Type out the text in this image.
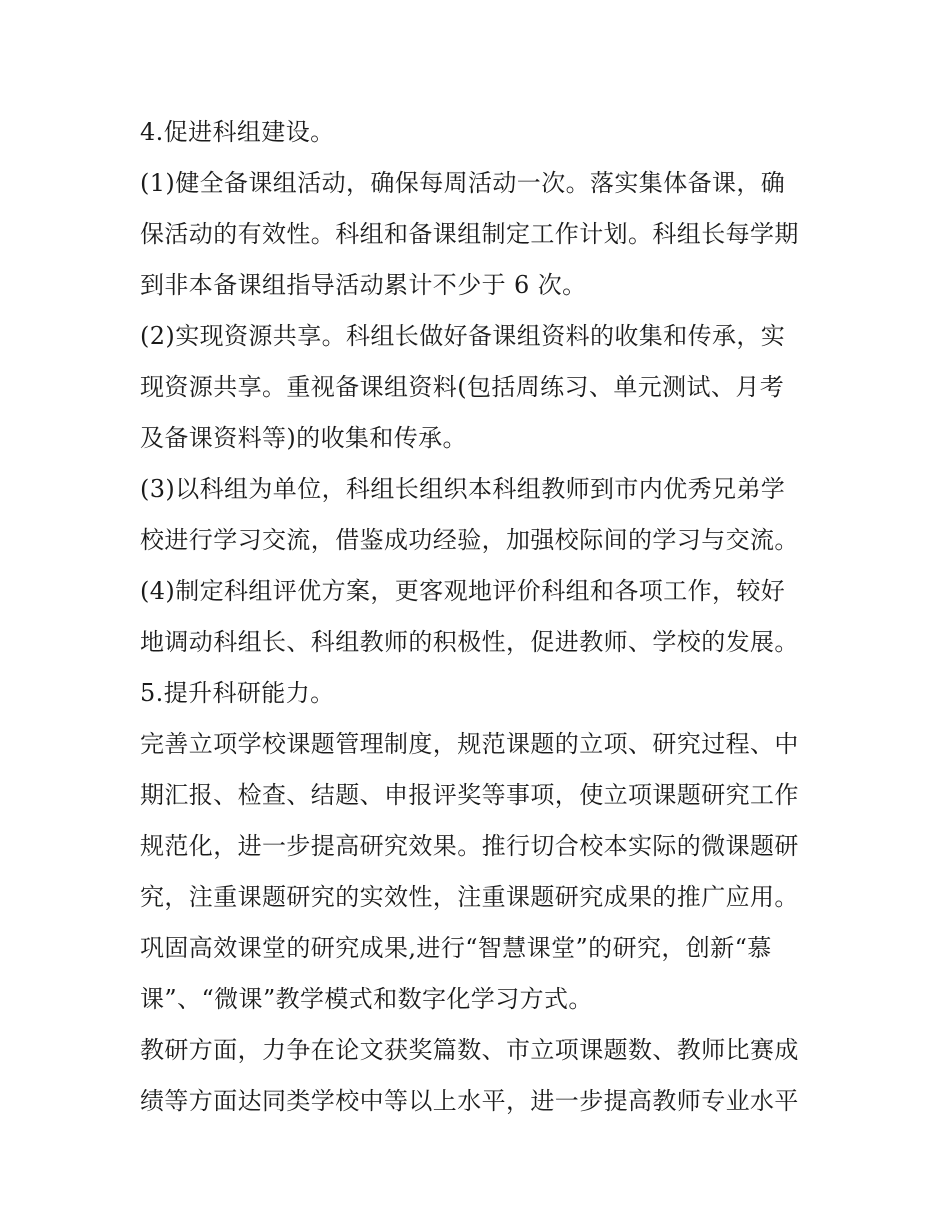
4.促进科组建设。
(1)健全备课组活动，确保每周活动一次。落实集体备课，确
保活动的有效性。科组和备课组制定工作计划。科组长每学期
到非本备课组指导活动累计不少于 6 次。
(2)实现资源共享。科组长做好备课组资料的收集和传承，实
现资源共享。重视备课组资料(包括周练习、单元测试、月考
及备课资料等)的收集和传承。
(3)以科组为单位，科组长组织本科组教师到市内优秀兄弟学
校进行学习交流，借鉴成功经验，加强校际间的学习与交流。
(4)制定科组评优方案，更客观地评价科组和各项工作，较好
地调动科组长、科组教师的积极性，促进教师、学校的发展。
5.提升科研能力。
完善立项学校课题管理制度，规范课题的立项、研究过程、中
期汇报、检查、结题、申报评奖等事项，使立项课题研究工作
规范化，进一步提高研究效果。推行切合校本实际的微课题研
究，注重课题研究的实效性，注重课题研究成果的推广应用。
巩固高效课堂的研究成果,进行“智慧课堂”的研究，创新“慕
课”、“微课”教学模式和数字化学习方式。
教研方面，力争在论文获奖篇数、市立项课题数、教师比赛成
绩等方面达同类学校中等以上水平，进一步提高教师专业水平
